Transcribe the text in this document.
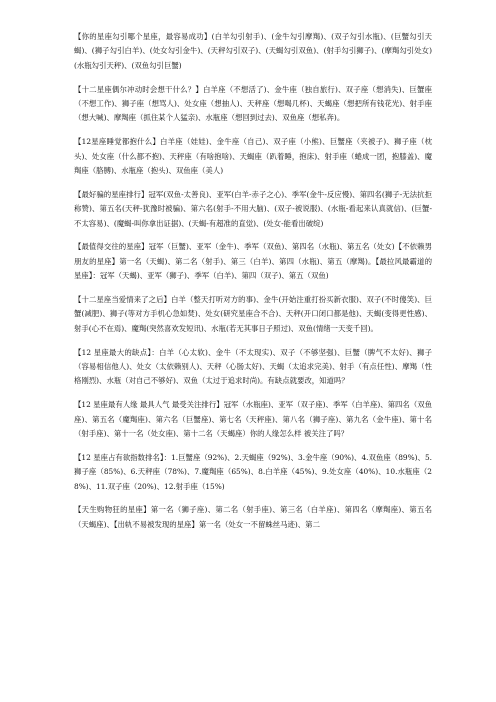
【你的星座勾引哪个星座，最容易成功】(白羊勾引射手)、(金牛勾引摩羯)、(双子勾引水瓶)、(巨蟹勾引天蝎)、(狮子勾引白羊)、(处女勾引金牛)、(天秤勾引双子)、(天蝎勾引双鱼)、(射手勾引狮子)、(摩羯勾引处女)(水瓶勾引天秤)、(双鱼勾引巨蟹)

【十二星座偶尔冲动时会想干什么？】白羊座（不想活了)、金牛座（独自旅行)、双子座（想消失)、巨蟹座（不想工作)、狮子座（想骂人)、处女座（想抽人)、天秤座（想喝几杯)、天蝎座（想把所有钱花光)、射手座（想大喊)、摩羯座（抓住某个人猛亲)、水瓶座（想回到过去)、双鱼座（想私奔)。

【12星座睡觉都抱什么】白羊座（娃娃)、金牛座（自己)、双子座（小熊)、巨蟹座（夹被子)、狮子座（枕头)、处女座（什么都不抱)、天秤座（有啥抱啥)、天蝎座（趴着睡，抱床)、射手座（蜷成一团，抱膝盖)、魔羯座（胳膊)、水瓶座（抱头)、双鱼座（美人)

【最好骗的星座排行】冠军(双鱼-太善良)、亚军(白羊-赤子之心)、季军(金牛-反应慢)、第四名(狮子-无法抗拒称赞)、第五名(天秤-犹豫时被骗)、第六名(射手-不用大脑)、(双子-被说服)、(水瓶-看起来认真就信)、(巨蟹-不太容易)、(魔蝎-叫你拿出证据)、(天蝎-有超准的直觉)、(处女-能看出破绽)

【最值得交往的星座】冠军（巨蟹)、亚军（金牛)、季军（双鱼)、第四名（水瓶)、第五名（处女)【不依赖男朋友的星座】第一名（天蝎)、第二名（射手)、第三（白羊)、第四（水瓶)、第五（摩羯)。【最拉风最霸道的星座】：冠军（天蝎)、亚军（狮子)、季军（白羊)、第四（双子)、第五（双鱼)

【十二星座当爱情来了之后】白羊（整天打听对方的事)、金牛(开始注重打扮买新衣服)、双子(不时傻笑)、巨蟹(减肥)、狮子(等对方手机心急如焚)、处女(研究星座合不合)、天秤(开口闭口都是他)、天蝎(变得更性感)、射手(心不在焉)、魔羯(突然喜欢发短讯)、水瓶(若无其事日子照过)、双鱼(情绪一天变千回)。

【12 星座最大的缺点】：白羊（心太软)、金牛（不太现实)、双子（不够坚强)、巨蟹（脾气不太好)、狮子（容易相信他人)、处女（太依赖别人)、天秤（心肠太好)、天蝎（太追求完美)、射手（有点任性)、摩羯（性格刚烈)、水瓶（对自己不够好)、双鱼（太过于追求时尚)。有缺点就要改，知道吗？

【12 星座最有人缘 最具人气 最受关注排行】冠军（水瓶座)、亚军（双子座)、季军（白羊座)、第四名（双鱼座)、第五名（魔羯座)、第六名（巨蟹座)、第七名（天秤座)、第八名（狮子座)、第九名（金牛座)、第十名（射手座)、第十一名（处女座)、第十二名（天蝎座）你的人缘怎么样 被关注了吗？

【12 星座占有欲指数排名】：1.巨蟹座（92%)、2.天蝎座（92%)、3.金牛座（90%)、4.双鱼座（89%)、5.狮子座（85%)、6.天秤座（78%)、7.魔羯座（65%)、8.白羊座（45%)、9.处女座（40%)、10.水瓶座（28%)、11.双子座（20%)、12.射手座（15%)

【天生购物狂的星座】第一名（狮子座)、第二名（射手座)、第三名（白羊座)、第四名（摩羯座)、第五名（天蝎座)、【出轨不易被发现的星座】第一名（处女一不留蛛丝马迹)、第二
